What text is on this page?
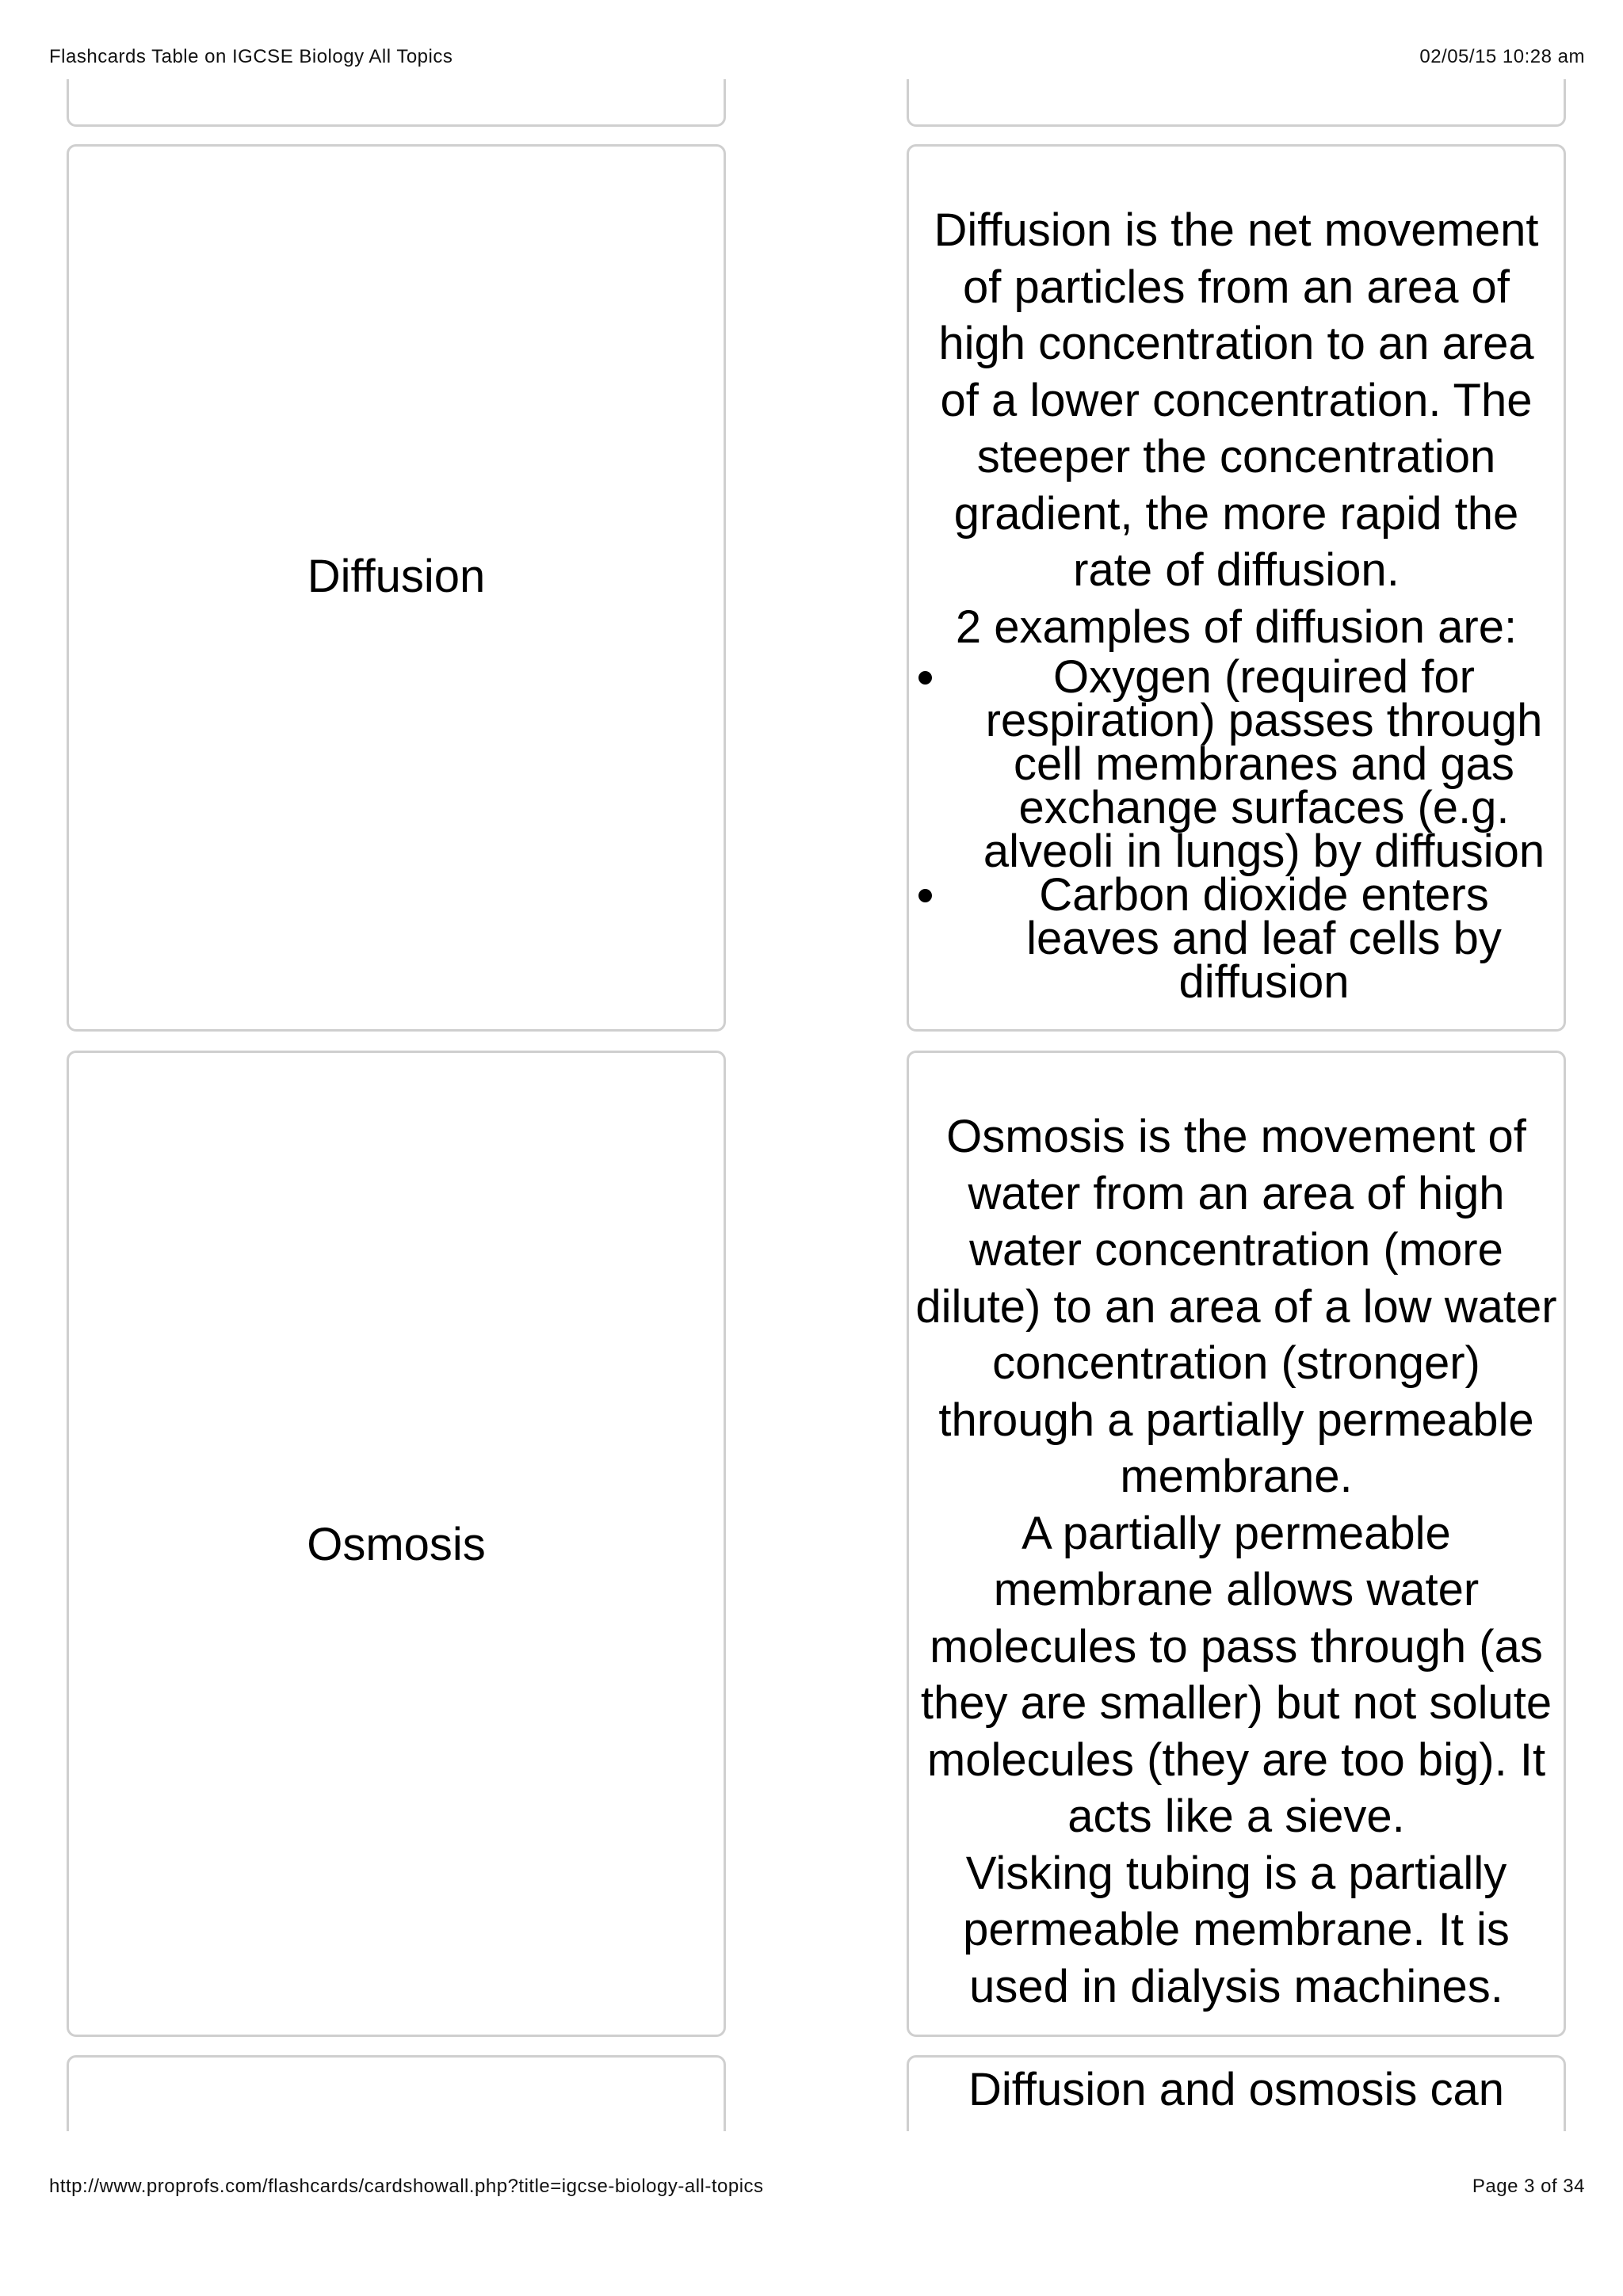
Flashcards Table on IGCSE Biology All Topics	02/05/15 10:28 am
Diffusion

Diffusion is the net movement of particles from an area of high concentration to an area of a lower concentration. The steeper the concentration gradient, the more rapid the rate of diffusion.

2 examples of diffusion are:

Oxygen (required for respiration) passes through cell membranes and gas exchange surfaces (e.g. alveoli in lungs) by diffusion
Carbon dioxide enters leaves and leaf cells by diffusion
Osmosis

Osmosis is the movement of water from an area of high water concentration (more dilute) to an area of a low water concentration (stronger) through a partially permeable membrane.

A partially permeable membrane allows water molecules to pass through (as they are smaller) but not solute molecules (they are too big). It acts like a sieve.

Visking tubing is a partially permeable membrane. It is used in dialysis machines.

Diffusion and osmosis can

http://www.proprofs.com/flashcards/cardshowall.php?title=igcse-biology-all-topics	Page 3 of 34
